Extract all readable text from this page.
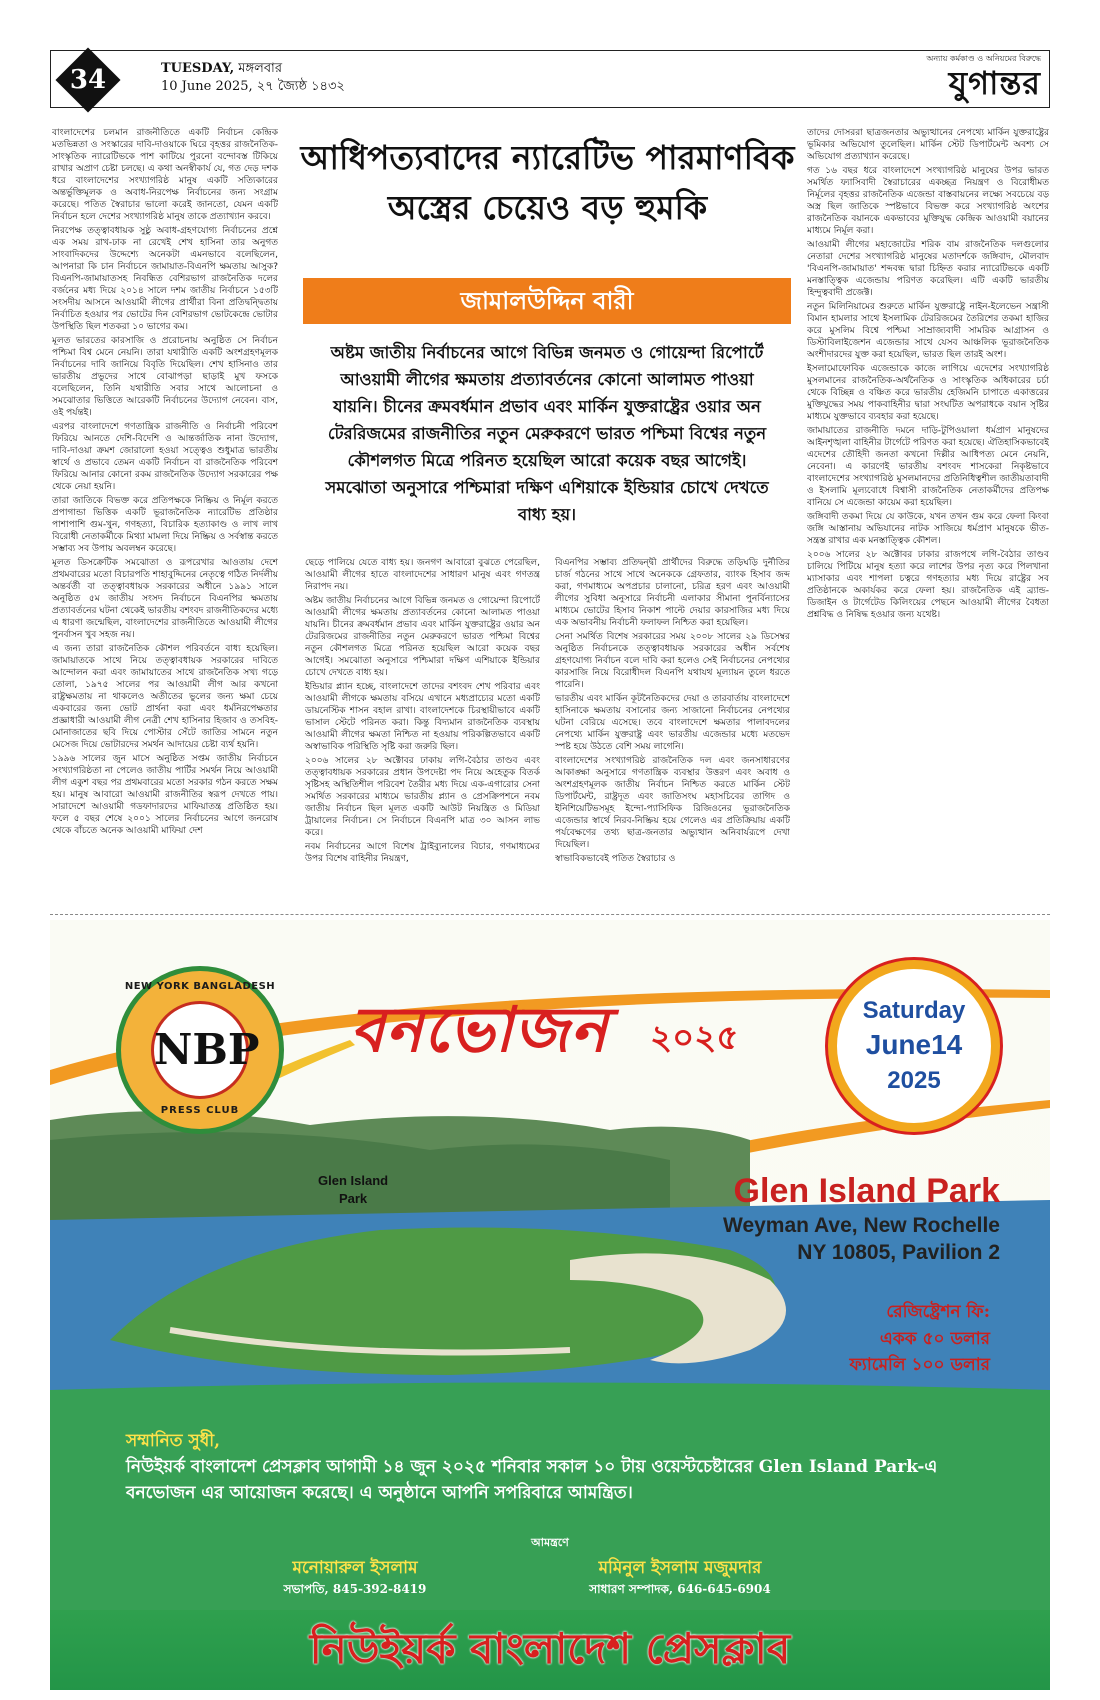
34	TUESDAY, মঙ্গলবার
10 June 2025, ২৭ জ্যৈষ্ঠ ১৪৩২
অন্যায় কর্মকাণ্ড ও অনিয়মের বিরুদ্ধে
যুগান্তর

বাংলাদেশের চলমান রাজনীতিতে একটি নির্বাচন কেন্দ্রিক মতভিন্নতা ও সংস্কারের দাবি-দাওয়াকে ঘিরে বৃহত্তর রাজনৈতিক-সাংস্কৃতিক ন্যারেটিভকে পাশ কাটিয়ে পুরনো বন্দোবস্ত টিকিয়ে রাখার অপ্রাণ চেষ্টা চলছে। এ কথা অনস্বীকার্য যে, গত দেড় দশক ধরে বাংলাদেশের সংখ্যাগরিষ্ঠ মানুষ একটি সত্যিকারের অন্তর্ভুক্তিমূলক ও অবাধ-নিরপেক্ষ নির্বাচনের জন্য সংগ্রাম করেছে। পতিত স্বৈরাচার ভালো করেই জানতো, যেমন একটি নির্বাচন হলে দেশের সংখ্যাগরিষ্ঠ মানুষ তাকে প্রত্যাখ্যান করবে।

নিরপেক্ষ তত্ত্বাবধায়ক সুষ্ঠু অবাধ-গ্রহণযোগ্য নির্বাচনের প্রশ্নে এক সময় রাখ-ঢাক না রেখেই শেখ হাসিনা তার অনুগত সাংবাদিকদের উদ্দেশ্যে অনেকটা এমনভাবে বলেছিলেন, আপনারা কি চান নির্বাচনে জামায়াত-বিএনপি ক্ষমতায় আসুক? বিএনপি-জামায়াতসহ নিবন্ধিত বেশিরভাগ রাজনৈতিক দলের বর্জনের মধ্য দিয়ে ২০১৪ সালে দশম জাতীয় নির্বাচনে ১৫৩টি সংসদীয় আসনে আওয়ামী লীগের প্রার্থীরা বিনা প্রতিদ্বন্দ্বিতায় নির্বাচিত হওয়ার পর ভোটের দিন বেশিরভাগ ভোটকেন্দ্রে ভোটার উপস্থিতি ছিল শতকরা ১০ ভাগের কম।

মূলত ভারতের কারসাজি ও প্ররোচনায় অনুষ্ঠিত সে নির্বাচন পশ্চিমা বিশ্ব মেনে নেয়নি। তারা যথারীতি একটি অংশগ্রহণমূলক নির্বাচনের দাবি জানিয়ে বিবৃতি দিয়েছিল। শেখ হাসিনাও তার ভারতীয় প্রভুদের সাথে বোঝাপড়া ছাড়াই মুখ ফসকে বলেছিলেন, তিনি যথারীতি সবার সাথে আলোচনা ও সমঝোতার ভিত্তিতে আরেকটি নির্বাচনের উদ্যোগ নেবেন। বাস, ওই পর্যন্তই।

এরপর বাংলাদেশে গণতান্ত্রিক রাজনীতি ও নির্বাচনী পরিবেশ ফিরিয়ে আনতে দেশি-বিদেশি ও আন্তর্জাতিক নানা উদ্যোগ, দাবি-দাওয়া ক্রমশ জোরালো হওয়া সত্ত্বেও শুধুমাত্র ভারতীয় স্বার্থে ও প্রভাবে তেমন একটি নির্বাচন বা রাজনৈতিক পরিবেশ ফিরিয়ে আনার কোনো রকম রাজনৈতিক উদ্যোগ সরকারের পক্ষ থেকে নেয়া হয়নি।

তারা জাতিকে বিভক্ত করে প্রতিপক্ষকে নিষ্ক্রিয় ও নির্মূল করতে প্রপাগান্ডা ভিত্তিক একটি ভূরাজনৈতিক ন্যারেটিভ প্রতিষ্ঠার পাশাপাশি গুম-খুন, গণহত্যা, বিচারিক হত্যাকাণ্ড ও লাখ লাখ বিরোধী নেতাকর্মীকে মিথ্যা মামলা দিয়ে নিষ্ক্রিয় ও সর্বস্বান্ত করতে সম্ভাব্য সব উপায় অবলম্বন করেছে।

মূলত ডিসক্রেটিক সমঝোতা ও রূপরেখার আওতায় দেশে প্রথমবারের মতো বিচারপতি শাহাবুদ্দিনের নেতৃত্বে গঠিত নির্দলীয় অন্তর্বর্তী বা তত্ত্বাবধায়ক সরকারের অধীনে ১৯৯১ সালে অনুষ্ঠিত ৫ম জাতীয় সংসদ নির্বাচনে বিএনপির ক্ষমতায় প্রত্যাবর্তনের ঘটনা থেকেই ভারতীয় বশংবদ রাজনীতিকদের মধ্যে এ ধারণা জন্মেছিল, বাংলাদেশের রাজনীতিতে আওয়ামী লীগের পুনর্বাসন খুব সহজ নয়।

এ জন্য তারা রাজনৈতিক কৌশল পরিবর্তনে বাধ্য হয়েছিল। জামায়াতকে সাথে নিয়ে তত্ত্বাবধায়ক সরকারের দাবিতে আন্দোলন করা এবং জামায়াতের সাথে রাজনৈতিক সখ্য গড়ে তোলা, ১৯৭৫ সালের পর আওয়ামী লীগ আর কখনো রাষ্ট্রক্ষমতায় না থাকলেও অতীতের ভুলের জন্য ক্ষমা চেয়ে একবারের জন্য ভোট প্রার্থনা করা এবং ধর্মনিরপেক্ষতার প্রজ্ঞাধারী আওয়ামী লীগ নেত্রী শেখ হাসিনার হিজাব ও তসবিহ-মোনাজাতের ছবি দিয়ে পোস্টার সেঁটে জাতির সামনে নতুন মেসেজ দিয়ে ভোটারদের সমর্থন আদায়ের চেষ্টা ব্যর্থ হয়নি।

১৯৯৬ সালের জুন মাসে অনুষ্ঠিত সপ্তম জাতীয় নির্বাচনে সংখ্যাগরিষ্ঠতা না পেলেও জাতীয় পার্টির সমর্থন নিয়ে আওয়ামী লীগ একুশ বছর পর প্রথমবারের মতো সরকার গঠন করতে সক্ষম হয়। মানুষ আবারো আওয়ামী রাজনীতির স্বরূপ দেখতে পায়। সারাদেশে আওয়ামী গডফাদারদের মাফিয়াতন্ত্র প্রতিষ্ঠিত হয়। ফলে ৫ বছর শেষে ২০০১ সালের নির্বাচনের আগে জনরোষ থেকে বাঁচতে অনেক আওয়ামী মাফিয়া দেশ

আধিপত্যবাদের ন্যারেটিভ পারমাণবিক
অস্ত্রের চেয়েও বড় হুমকি
জামালউদ্দিন বারী
অষ্টম জাতীয় নির্বাচনের আগে বিভিন্ন জনমত ও গোয়েন্দা রিপোর্টে আওয়ামী লীগের ক্ষমতায় প্রত্যাবর্তনের কোনো আলামত পাওয়া যায়নি। চীনের ক্রমবর্ধমান প্রভাব এবং মার্কিন যুক্তরাষ্ট্রের ওয়ার অন টেররিজমের রাজনীতির নতুন মেরুকরণে ভারত পশ্চিমা বিশ্বের নতুন কৌশলগত মিত্রে পরিনত হয়েছিল আরো কয়েক বছর আগেই। সমঝোতা অনুসারে পশ্চিমারা দক্ষিণ এশিয়াকে ইন্ডিয়ার চোখে দেখতে বাধ্য হয়।

ছেড়ে পালিয়ে যেতে বাধ্য হয়। জনগণ আবারো বুঝতে পেরেছিল, আওয়ামী লীগের হাতে বাংলাদেশের সাধারণ মানুষ এবং গণতন্ত্র নিরাপদ নয়।

অষ্টম জাতীয় নির্বাচনের আগে বিভিন্ন জনমত ও গোয়েন্দা রিপোর্টে আওয়ামী লীগের ক্ষমতায় প্রত্যাবর্তনের কোনো আলামত পাওয়া যায়নি। চীনের ক্রমবর্ধমান প্রভাব এবং মার্কিন যুক্তরাষ্ট্রের ওয়ার অন টেররিজমের রাজনীতির নতুন মেরুকরণে ভারত পশ্চিমা বিশ্বের নতুন কৌশলগত মিত্রে পরিনত হয়েছিল আরো কয়েক বছর আগেই। সমঝোতা অনুসারে পশ্চিমারা দক্ষিণ এশিয়াকে ইন্ডিয়ার চোখে দেখতে বাধ্য হয়।

ইন্ডিয়ার প্ল্যান হচ্ছে, বাংলাদেশে তাদের বশংবদ শেখ পরিবার এবং আওয়ামী লীগকে ক্ষমতায় বসিয়ে এখানে মধ্যপ্রাচ্যের মতো একটি ডায়নেস্টিক শাসন বহাল রাখা। বাংলাদেশকে চিরস্থায়ীভাবে একটি ভাসাল স্টেটে পরিনত করা। কিন্তু বিদ্যমান রাজনৈতিক ব্যবস্থায় আওয়ামী লীগের ক্ষমতা নিশ্চিত না হওয়ায় পরিকল্পিতভাবে একটি অস্বাভাবিক পরিস্থিতি সৃষ্টি করা জরুরি ছিল।

২০০৬ সালের ২৮ অক্টোবর ঢাকায় লগি-বৈঠার তাণ্ডব এবং তত্ত্বাবধায়ক সরকারের প্রধান উপদেষ্টা পদ নিয়ে অহেতুক বিতর্ক সৃষ্টিসহ অস্থিতিশীল পরিবেশ তৈরীর মধ্য দিয়ে এক-এগারোর সেনা সমর্থিত সরকারের মাধ্যমে ভারতীয় প্ল্যান ও প্রেসক্রিপশনে নবম জাতীয় নির্বাচন ছিল মূলত একটি আউট নিয়ন্ত্রিত ও মিডিয়া ট্রায়ালের নির্বাচন। সে নির্বাচনে বিএনপি মাত্র ৩০ আসন লাভ করে।

নবম নির্বাচনের আগে বিশেষ ট্রাইব্যুনালের বিচার, গণমাধ্যমের উপর বিশেষ বাহিনীর নিয়ন্ত্রণ,

বিএনপির সম্ভাব্য প্রতিদ্বন্দ্বী প্রার্থীদের বিরুদ্ধে তড়িঘড়ি দুর্নীতির চার্জ গঠনের সাথে সাথে অনেককে গ্রেফতার, ব্যাংক হিসাব জব্দ করা, গণমাধ্যমে অপপ্রচার চালানো, চরিত্র হরণ এবং আওয়ামী লীগের সুবিধা অনুসারে নির্বাচনী এলাকার সীমানা পুনর্বিন্যাসের মাধ্যমে ভোটের হিসাব নিকাশ পাল্টে দেয়ার কারসাজির মধ্য দিয়ে এক অভাবনীয় নির্বাচনী ফলাফল নিশ্চিত করা হয়েছিল।

সেনা সমর্থিত বিশেষ সরকারের সময় ২০০৮ সালের ২৯ ডিসেম্বর অনুষ্ঠিত নির্বাচনকে তত্ত্বাবধায়ক সরকারের অধীন সর্বশেষ গ্রহণযোগ্য নির্বাচন বলে দাবি করা হলেও সেই নির্বাচনের নেপথ্যের কারসাজি নিয়ে বিরোধীদল বিএনপি যথাযথ মূল্যায়ন তুলে ধরতে পারেনি।

ভারতীয় এবং মার্কিন কূটনৈতিকদের দেয়া ও তারবার্তায় বাংলাদেশে হাসিনাকে ক্ষমতায় বসানোর জন্য সাজানো নির্বাচনের নেপথ্যের ঘটনা বেরিয়ে এসেছে। তবে বাংলাদেশে ক্ষমতার পালাবদলের নেপথ্যে মার্কিন যুক্তরাষ্ট্র এবং ভারতীয় এজেন্ডার মধ্যে মতভেদ স্পষ্ট হয়ে উঠতে বেশি সময় লাগেনি।

বাংলাদেশের সংখ্যাগরিষ্ঠ রাজনৈতিক দল এবং জনসাধারণের আকাঙ্ক্ষা অনুসারে গণতান্ত্রিক ব্যবস্থার উত্তরণ এবং অবাধ ও অংশগ্রহণমূলক জাতীয় নির্বাচন নিশ্চিত করতে মার্কিন স্টেট ডিপার্টমেন্ট, রাষ্ট্রদূত এবং জাতিসংঘ মহাসচিবের তাগিদ ও ইনিশিয়েটিভসমূহ ইন্দো-প্যাসিফিক রিজিওনের ভূরাজনৈতিক এজেন্ডার স্বার্থে নিরব-নিষ্ক্রিয় হয়ে গেলেও এর প্রতিক্রিয়ায় একটি পর্যবেক্ষণের তথ্য ছাত্র-জনতার অভ্যুত্থান অনিবার্যরূপে দেখা দিয়েছিল।

স্বাভাবিকভাবেই পতিত স্বৈরাচার ও

তাদের দোসররা ছাত্রজনতার অভ্যুত্থানের নেপথ্যে মার্কিন যুক্তরাষ্ট্রের ভূমিকার অভিযোগ তুলেছিল। মার্কিন স্টেট ডিপার্টমেন্ট অবশ্য সে অভিযোগ প্রত্যাখ্যান করেছে।

গত ১৬ বছর ধরে বাংলাদেশে সংখ্যাগরিষ্ঠ মানুষের উপর ভারত সমর্থিত ফ্যাসিবাদী স্বৈরাচারের একচ্ছত্র নিয়ন্ত্রণ ও বিরোধীমত নির্মূলের বৃহত্তর রাজনৈতিক এজেন্ডা বাস্তবায়নের লক্ষ্যে সবচেয়ে বড় অস্ত্র ছিল জাতিকে স্পষ্টভাবে বিভক্ত করে সংখ্যাগরিষ্ঠ অংশের রাজনৈতিক বয়ানকে একভাবের মুক্তিযুদ্ধ কেন্দ্রিক আওয়ামী বয়ানের মাধ্যমে নির্মূল করা।

আওয়ামী লীগের মহাজোটের শরিক বাম রাজনৈতিক দলগুলোর নেতারা দেশের সংখ্যাগরিষ্ঠ মানুষের মতাদর্শকে জঙ্গিবাদ, মৌলবাদ 'বিএনপি-জামায়াত' শব্দবন্ধ দ্বারা চিহ্নিত করার ন্যারেটিভকে একটি মনস্তাত্ত্বিক এজেন্ডায় পরিণত করেছিল। এটি একটি ভারতীয় হিন্দুত্ববাদী প্রজেক্ট।

নতুন মিলিনিয়ামের শুরুতে মার্কিন যুক্তরাষ্ট্রে নাইন-ইলেভেন সন্ত্রাসী বিমান হামলার সাথে ইসলামিক টেররিজমের তৈরিশের তকমা হাজির করে মুসলিম বিশ্বে পশ্চিমা সাম্রাজ্যবাদী সামরিক আগ্রাসন ও ডিস্টাবিলাইজেশন এজেন্ডার সাথে যেসব আঞ্চলিক ভূরাজনৈতিক অংশীদারদের যুক্ত করা হয়েছিল, ভারত ছিল তারই অংশ।

ইসলামোফোবিক এজেন্ডাকে কাজে লাগিয়ে এদেশের সংখ্যাগরিষ্ঠ মুসলমানের রাজনৈতিক-অর্থনৈতিক ও সাংস্কৃতিক অধিকারের চর্চা থেকে বিচ্ছিন্ন ও বঞ্চিত করে ভারতীয় হেজিমনি চাপাতে একাত্তরের মুক্তিযুদ্ধের সময় পাকবাহিনীর দ্বারা সংঘটিত অপরাধকে বয়ান সৃষ্টির মাধ্যমে যুক্তভাবে ব্যবহার করা হয়েছে।

জামায়াতের রাজনীতি দমনে দাড়ি-টুপিওয়ালা ধর্মপ্রাণ মানুষদের আইনশৃঙ্খলা বাহিনীর টার্গেটে পরিণত করা হয়েছে। ঐতিহাসিকভাবেই এদেশের তৌহিদী জনতা কখনো দিল্লীর আধিপত্য মেনে নেয়নি, নেবেনা। এ কারণেই ভারতীয় বশংবদ শাসকেরা নিকৃষ্টভাবে বাংলাদেশের সংখ্যাগরিষ্ঠ মুসলমানদের প্রতিনিধিত্বশীল জাতীয়তাবাদী ও ইসলামি মূল্যবোধে বিশ্বাসী রাজনৈতিক নেতাকর্মীদের প্রতিপক্ষ বানিয়ে সে এজেন্ডা কায়েম করা হয়েছিল।

জঙ্গিবাদী তকমা দিয়ে যে কাউকে, যখন তখন গুম করে ফেলা কিংবা জঙ্গি আস্তানায় অভিযানের নাটক সাজিয়ে ধর্মপ্রাণ মানুষকে ভীত-সন্ত্রস্ত রাখার এক মনস্তাত্ত্বিক কৌশল।

২০০৬ সালের ২৮ অক্টোবর ঢাকার রাজপথে লগি-বৈঠার তাণ্ডব চালিয়ে পিটিয়ে মানুষ হত্যা করে লাশের উপর নৃত্য করে পিলখানা ম্যাসাকার এবং শাপলা চত্বরে গণহত্যার মধ্য দিয়ে রাষ্ট্রের সব প্রতিষ্ঠানকে অকার্যকর করে ফেলা হয়। রাজনৈতিক এই ব্র্যান্ড-ডিজাইন ও টার্গেটেড কিলিংয়ের পেছনে আওয়ামী লীগের বৈধতা প্রশ্নবিদ্ধ ও নিষিদ্ধ হওয়ার জন্য যথেষ্ট।

NEW YORK BANGLADESH
NBP
PRESS CLUB
বনভোজন ২০২৫
Saturday
June14
2025
Glen Island
Park	Glen Island Park
Weyman Ave, New Rochelle
NY 10805, Pavilion 2
রেজিষ্ট্রেশন ফি:
একক ৫০ ডলার
ফ্যামেলি ১০০ ডলার
সম্মানিত সুধী,
নিউইয়র্ক বাংলাদেশ প্রেসক্লাব আগামী ১৪ জুন ২০২৫ শনিবার সকাল ১০ টায় ওয়েস্টচেষ্টারের Glen Island Park-এ বনভোজন এর আয়োজন করেছে। এ অনুষ্ঠানে আপনি সপরিবারে আমন্ত্রিত।
আমন্ত্রণে
মনোয়ারুল ইসলাম
সভাপতি, 845-392-8419
মমিনুল ইসলাম মজুমদার
সাধারণ সম্পাদক, 646-645-6904
নিউইয়র্ক বাংলাদেশ প্রেসক্লাব
